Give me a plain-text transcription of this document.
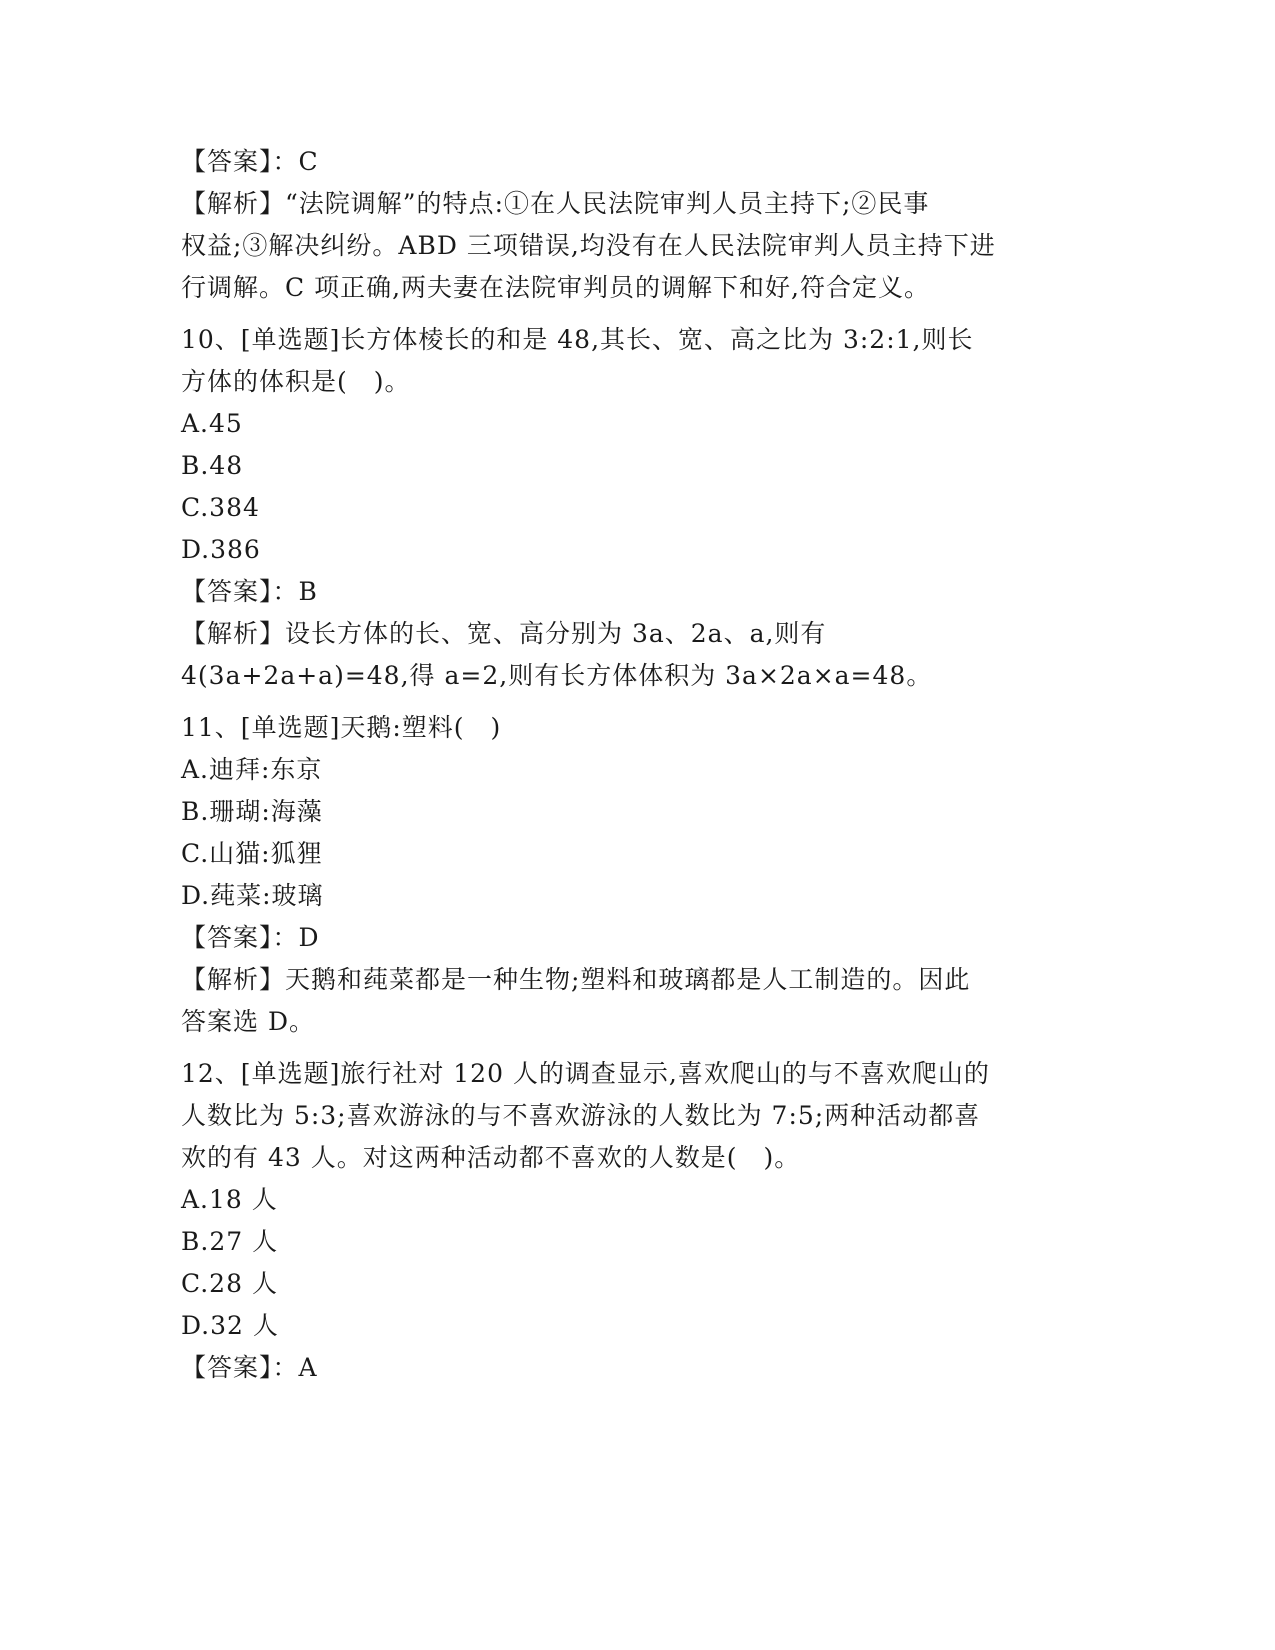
【答案】：C
【解析】“法院调解”的特点:①在人民法院审判人员主持下;②民事
权益;③解决纠纷。ABD 三项错误,均没有在人民法院审判人员主持下进
行调解。C 项正确,两夫妻在法院审判员的调解下和好,符合定义。
10、[单选题]长方体棱长的和是 48,其长、宽、高之比为 3:2:1,则长
方体的体积是(　)。
A.45
B.48
C.384
D.386
【答案】：B
【解析】设长方体的长、宽、高分别为 3a、2a、a,则有
4(3a+2a+a)=48,得 a=2,则有长方体体积为 3a×2a×a=48。
11、[单选题]天鹅:塑料(　)
A.迪拜:东京
B.珊瑚:海藻
C.山猫:狐狸
D.莼菜:玻璃
【答案】：D
【解析】天鹅和莼菜都是一种生物;塑料和玻璃都是人工制造的。因此
答案选 D。
12、[单选题]旅行社对 120 人的调查显示,喜欢爬山的与不喜欢爬山的
人数比为 5:3;喜欢游泳的与不喜欢游泳的人数比为 7:5;两种活动都喜
欢的有 43 人。对这两种活动都不喜欢的人数是(　)。
A.18 人
B.27 人
C.28 人
D.32 人
【答案】：A
